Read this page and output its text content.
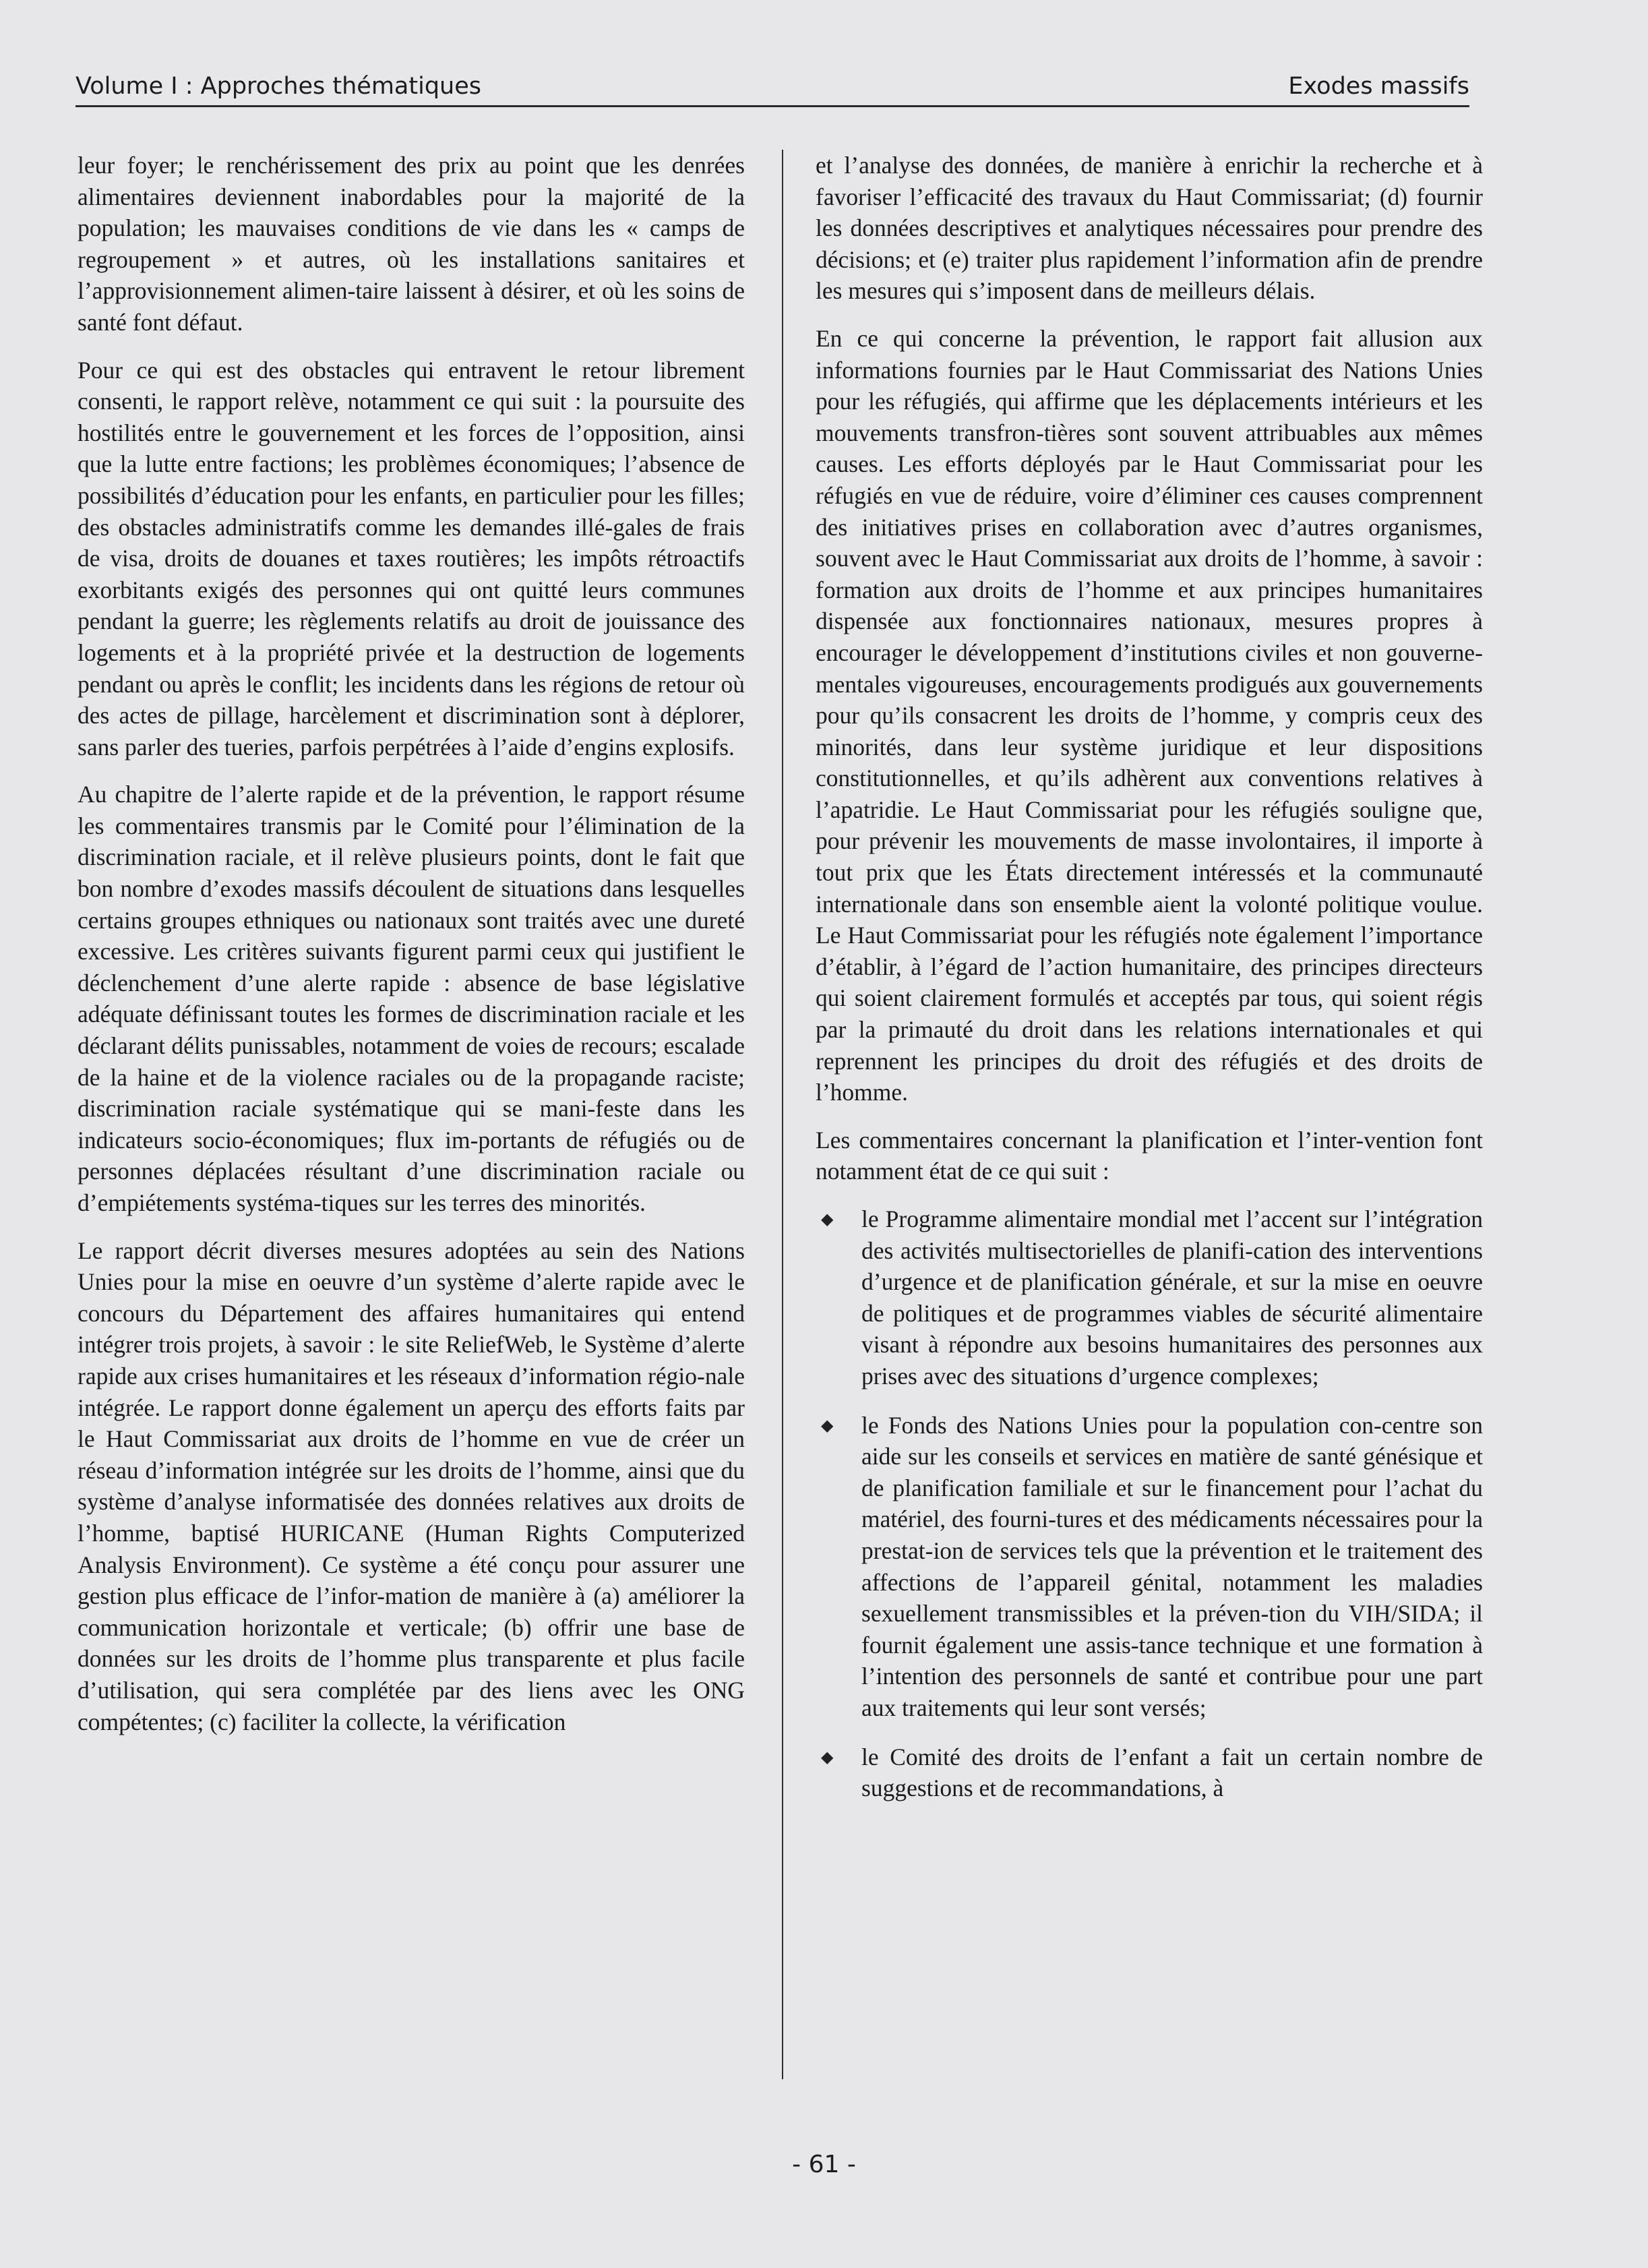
Volume I : Approches thématiques	Exodes massifs

leur foyer; le renchérissement des prix au point que les denrées alimentaires deviennent inabordables pour la majorité de la population; les mauvaises conditions de vie dans les « camps de regroupement » et autres, où les installations sanitaires et l’approvisionnement alimen-taire laissent à désirer, et où les soins de santé font défaut.

Pour ce qui est des obstacles qui entravent le retour librement consenti, le rapport relève, notamment ce qui suit : la poursuite des hostilités entre le gouvernement et les forces de l’opposition, ainsi que la lutte entre factions; les problèmes économiques; l’absence de possibilités d’éducation pour les enfants, en particulier pour les filles; des obstacles administratifs comme les demandes illé-gales de frais de visa, droits de douanes et taxes routières; les impôts rétroactifs exorbitants exigés des personnes qui ont quitté leurs communes pendant la guerre; les règlements relatifs au droit de jouissance des logements et à la propriété privée et la destruction de logements pendant ou après le conflit; les incidents dans les régions de retour où des actes de pillage, harcèlement et discrimination sont à déplorer, sans parler des tueries, parfois perpétrées à l’aide d’engins explosifs.

Au chapitre de l’alerte rapide et de la prévention, le rapport résume les commentaires transmis par le Comité pour l’élimination de la discrimination raciale, et il relève plusieurs points, dont le fait que bon nombre d’exodes massifs découlent de situations dans lesquelles certains groupes ethniques ou nationaux sont traités avec une dureté excessive. Les critères suivants figurent parmi ceux qui justifient le déclenchement d’une alerte rapide : absence de base législative adéquate définissant toutes les formes de discrimination raciale et les déclarant délits punissables, notamment de voies de recours; escalade de la haine et de la violence raciales ou de la propagande raciste; discrimination raciale systématique qui se mani-feste dans les indicateurs socio-économiques; flux im-portants de réfugiés ou de personnes déplacées résultant d’une discrimination raciale ou d’empiétements systéma-tiques sur les terres des minorités.

Le rapport décrit diverses mesures adoptées au sein des Nations Unies pour la mise en oeuvre d’un système d’alerte rapide avec le concours du Département des affaires humanitaires qui entend intégrer trois projets, à savoir : le site ReliefWeb, le Système d’alerte rapide aux crises humanitaires et les réseaux d’information régio-nale intégrée. Le rapport donne également un aperçu des efforts faits par le Haut Commissariat aux droits de l’homme en vue de créer un réseau d’information intégrée sur les droits de l’homme, ainsi que du système d’analyse informatisée des données relatives aux droits de l’homme, baptisé HURICANE (Human Rights Computerized Analysis Environment). Ce système a été conçu pour assurer une gestion plus efficace de l’infor-mation de manière à (a) améliorer la communication horizontale et verticale; (b) offrir une base de données sur les droits de l’homme plus transparente et plus facile d’utilisation, qui sera complétée par des liens avec les ONG compétentes; (c) faciliter la collecte, la vérification

et l’analyse des données, de manière à enrichir la recherche et à favoriser l’efficacité des travaux du Haut Commissariat; (d) fournir les données descriptives et analytiques nécessaires pour prendre des décisions; et (e) traiter plus rapidement l’information afin de prendre les mesures qui s’imposent dans de meilleurs délais.

En ce qui concerne la prévention, le rapport fait allusion aux informations fournies par le Haut Commissariat des Nations Unies pour les réfugiés, qui affirme que les déplacements intérieurs et les mouvements transfron-tières sont souvent attribuables aux mêmes causes. Les efforts déployés par le Haut Commissariat pour les réfugiés en vue de réduire, voire d’éliminer ces causes comprennent des initiatives prises en collaboration avec d’autres organismes, souvent avec le Haut Commissariat aux droits de l’homme, à savoir : formation aux droits de l’homme et aux principes humanitaires dispensée aux fonctionnaires nationaux, mesures propres à encourager le développement d’institutions civiles et non gouverne-mentales vigoureuses, encouragements prodigués aux gouvernements pour qu’ils consacrent les droits de l’homme, y compris ceux des minorités, dans leur système juridique et leur dispositions constitutionnelles, et qu’ils adhèrent aux conventions relatives à l’apatridie. Le Haut Commissariat pour les réfugiés souligne que, pour prévenir les mouvements de masse involontaires, il importe à tout prix que les États directement intéressés et la communauté internationale dans son ensemble aient la volonté politique voulue. Le Haut Commissariat pour les réfugiés note également l’importance d’établir, à l’égard de l’action humanitaire, des principes directeurs qui soient clairement formulés et acceptés par tous, qui soient régis par la primauté du droit dans les relations internationales et qui reprennent les principes du droit des réfugiés et des droits de l’homme.

Les commentaires concernant la planification et l’inter-vention font notamment état de ce qui suit :

◆ le Programme alimentaire mondial met l’accent sur l’intégration des activités multisectorielles de planifi-cation des interventions d’urgence et de planification générale, et sur la mise en oeuvre de politiques et de programmes viables de sécurité alimentaire visant à répondre aux besoins humanitaires des personnes aux prises avec des situations d’urgence complexes;
◆ le Fonds des Nations Unies pour la population con-centre son aide sur les conseils et services en matière de santé génésique et de planification familiale et sur le financement pour l’achat du matériel, des fourni-tures et des médicaments nécessaires pour la prestat-ion de services tels que la prévention et le traitement des affections de l’appareil génital, notamment les maladies sexuellement transmissibles et la préven-tion du VIH/SIDA; il fournit également une assis-tance technique et une formation à l’intention des personnels de santé et contribue pour une part aux traitements qui leur sont versés;
◆ le Comité des droits de l’enfant a fait un certain nombre de suggestions et de recommandations, à
- 61 -
